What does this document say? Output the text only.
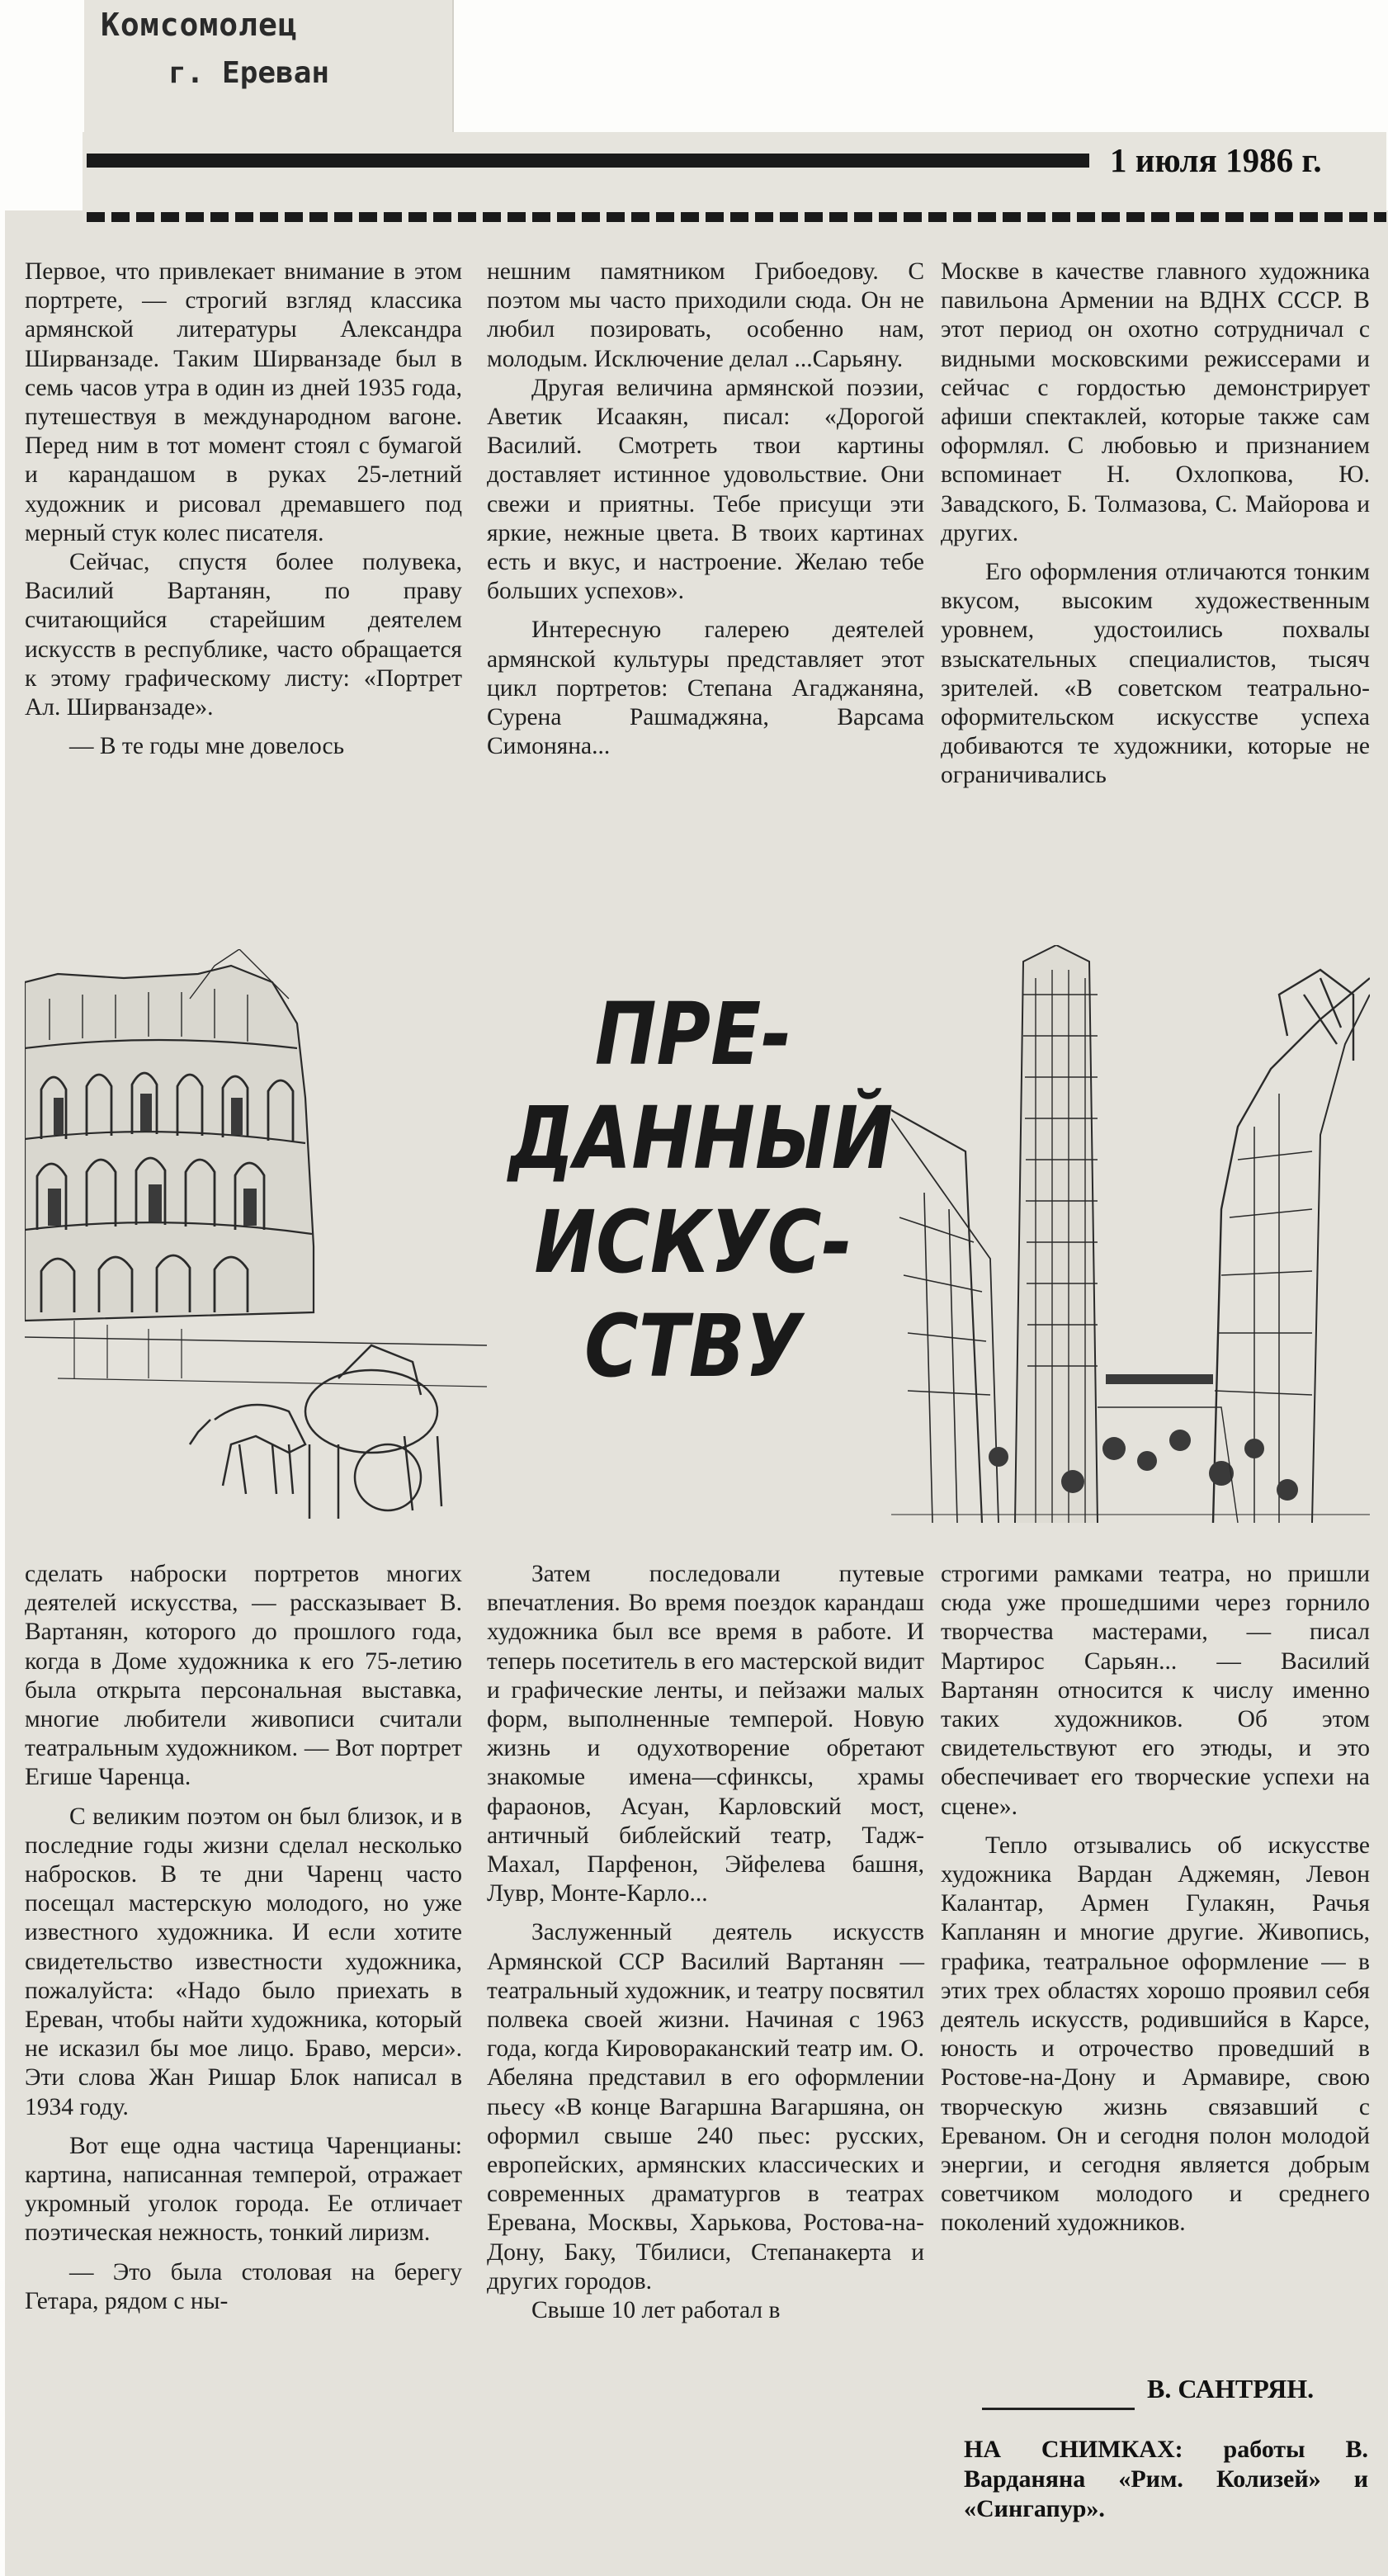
Комсомолец
г. Ереван
1 июля 1986 г.

Первое, что привлекает внимание в этом портрете, — строгий взгляд классика армянской литературы Александра Ширванзаде. Таким Ширванзаде был в семь часов утра в один из дней 1935 года, путешествуя в международном вагоне. Перед ним в тот момент стоял с бумагой и карандашом в руках 25-летний художник и рисовал дремавшего под мерный стук колес писателя.

Сейчас, спустя более полувека, Василий Вартанян, по праву считающийся старейшим деятелем искусств в республике, часто обращается к этому графическому листу: «Портрет Ал. Ширванзаде».

— В те годы мне довелось

нешним памятником Грибоедову. С поэтом мы часто приходили сюда. Он не любил позировать, особенно нам, молодым. Исключение делал ...Сарьяну.

Другая величина армянской поэзии, Аветик Исаакян, писал: «Дорогой Василий. Смотреть твои картины доставляет истинное удовольствие. Они свежи и приятны. Тебе присущи эти яркие, нежные цвета. В твоих картинах есть и вкус, и настроение. Желаю тебе больших успехов».

Интересную галерею деятелей армянской культуры представляет этот цикл портретов: Степана Агаджаняна, Сурена Рашмаджяна, Варсама Симоняна...

Москве в качестве главного художника павильона Армении на ВДНХ СССР. В этот период он охотно сотрудничал с видными московскими режиссерами и сейчас с гордостью демонстрирует афиши спектаклей, которые также сам оформлял. С любовью и признанием вспоминает Н. Охлопкова, Ю. Завадского, Б. Толмазова, С. Майорова и других.

Его оформления отличаются тонким вкусом, высоким художественным уровнем, удостоились похвалы взыскательных специалистов, тысяч зрителей. «В советском театрально-оформительском искусстве успеха добиваются те художники, которые не ограничивались

ПРЕ-
ДАННЫЙ
ИСКУС-
СТВУ

сделать наброски портретов многих деятелей искусства, — рассказывает В. Вартанян, которого до прошлого года, когда в Доме художника к его 75-летию была открыта персональная выставка, многие любители живописи считали театральным художником. — Вот портрет Егише Чаренца.

С великим поэтом он был близок, и в последние годы жизни сделал несколько набросков. В те дни Чаренц часто посещал мастерскую молодого, но уже известного художника. И если хотите свидетельство известности художника, пожалуйста: «Надо было приехать в Ереван, чтобы найти художника, который не исказил бы мое лицо. Браво, мерси». Эти слова Жан Ришар Блок написал в 1934 году.

Вот еще одна частица Чаренцианы: картина, написанная темперой, отражает укромный уголок города. Ее отличает поэтическая нежность, тонкий лиризм.

— Это была столовая на берегу Гетара, рядом с ны-

Затем последовали путевые впечатления. Во время поездок карандаш художника был все время в работе. И теперь посетитель в его мастерской видит и графические ленты, и пейзажи малых форм, выполненные темперой. Новую жизнь и одухотворение обретают знакомые имена—сфинксы, храмы фараонов, Асуан, Карловский мост, античный библейский театр, Тадж-Махал, Парфенон, Эйфелева башня, Лувр, Монте-Карло...

Заслуженный деятель искусств Армянской ССР Василий Вартанян — театральный художник, и театру посвятил полвека своей жизни. Начиная с 1963 года, когда Кировораканский театр им. О. Абеляна представил в его оформлении пьесу «В конце Вагаршна Вагаршяна, он оформил свыше 240 пьес: русских, европейских, армянских классических и современных драматургов в театрах Еревана, Москвы, Харькова, Ростова-на-Дону, Баку, Тбилиси, Степанакерта и других городов.

Свыше 10 лет работал в

строгими рамками театра, но пришли сюда уже прошедшими через горнило творчества мастерами, — писал Мартирос Сарьян... — Василий Вартанян относится к числу именно таких художников. Об этом свидетельствуют его этюды, и это обеспечивает его творческие успехи на сцене».

Тепло отзывались об искусстве художника Вардан Аджемян, Левон Калантар, Армен Гулакян, Рачья Капланян и многие другие. Живопись, графика, театральное оформление — в этих трех областях хорошо проявил себя деятель искусств, родившийся в Карсе, юность и отрочество проведший в Ростове-на-Дону и Армавире, свою творческую жизнь связавший с Ереваном. Он и сегодня полон молодой энергии, и сегодня является добрым советчиком молодого и среднего поколений художников.

В. САНТРЯН.
НА СНИМКАХ: работы В. Варданяна «Рим. Колизей» и «Сингапур».
